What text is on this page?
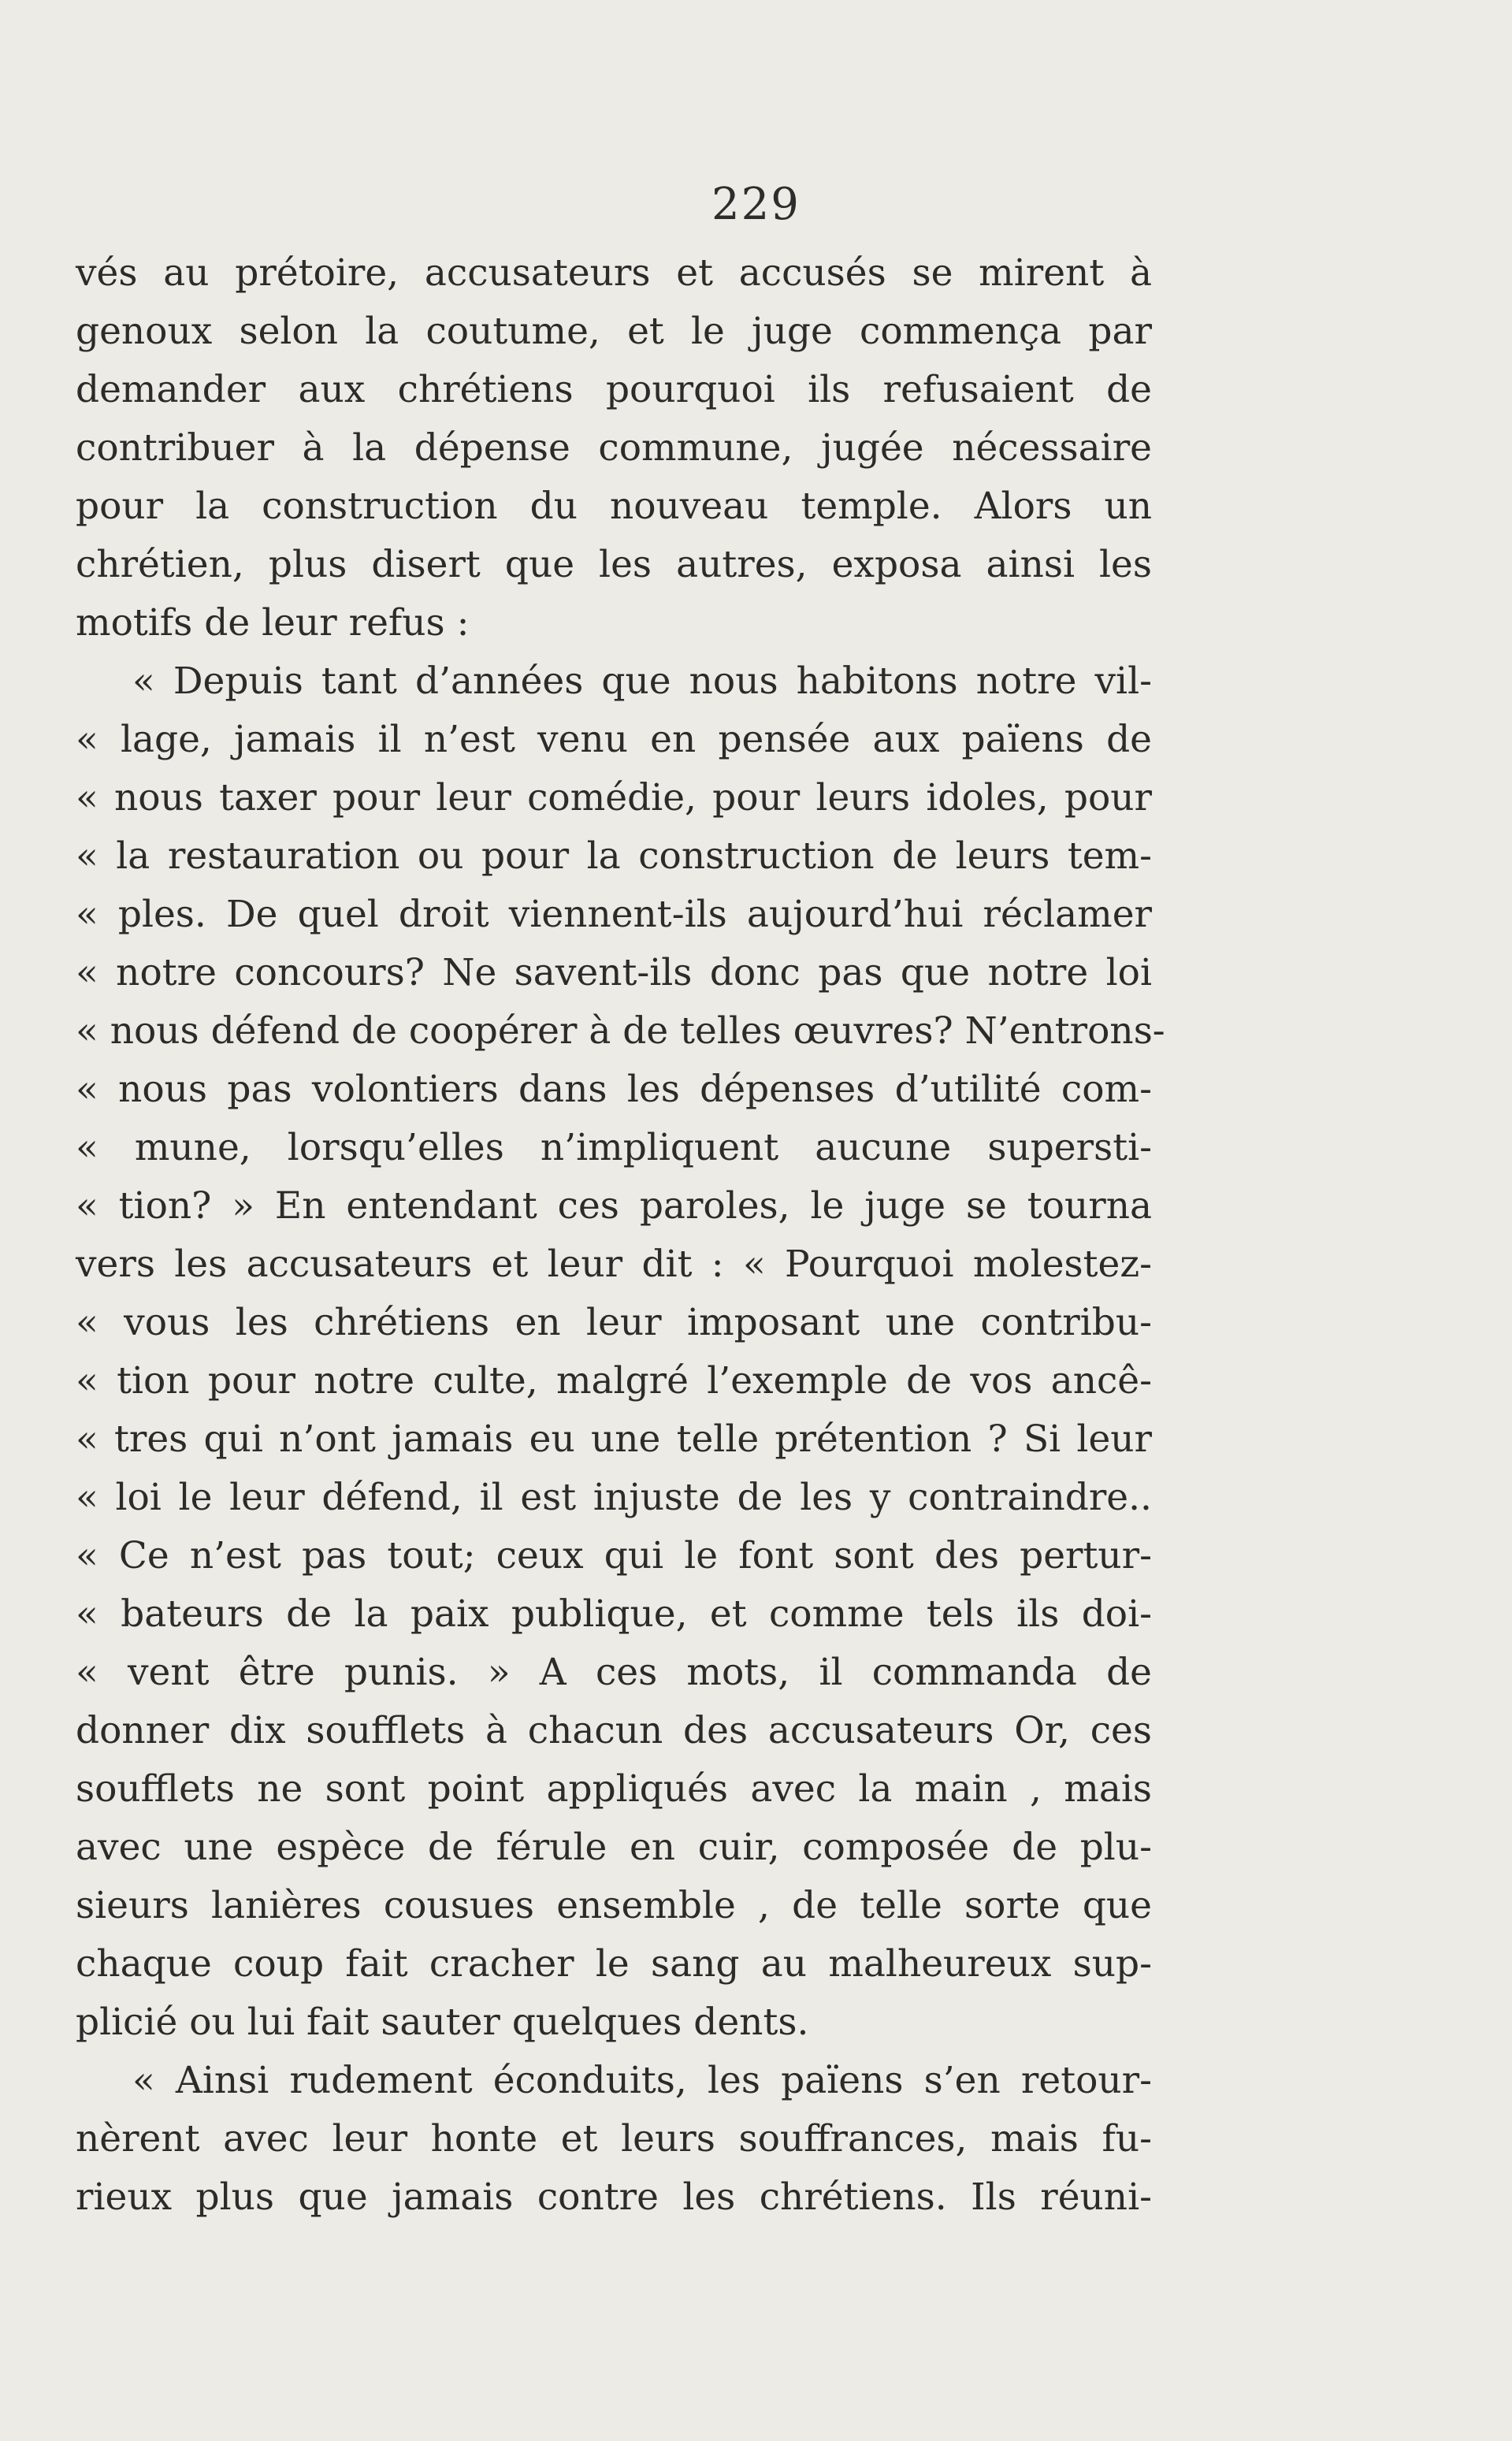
229
vés au prétoire, accusateurs et accusés se mirent à
genoux selon la coutume, et le juge commença par
demander aux chrétiens pourquoi ils refusaient de
contribuer à la dépense commune, jugée nécessaire
pour la construction du nouveau temple. Alors un
chrétien, plus disert que les autres, exposa ainsi les
motifs de leur refus :
« Depuis tant d’années que nous habitons notre vil-
« lage, jamais il n’est venu en pensée aux païens de
« nous taxer pour leur comédie, pour leurs idoles, pour
« la restauration ou pour la construction de leurs tem-
« ples. De quel droit viennent-ils aujourd’hui réclamer
« notre concours? Ne savent-ils donc pas que notre loi
« nous défend de coopérer à de telles œuvres? N’entrons-
« nous pas volontiers dans les dépenses d’utilité com-
« mune, lorsqu’elles n’impliquent aucune supersti-
« tion? » En entendant ces paroles, le juge se tourna
vers les accusateurs et leur dit : « Pourquoi molestez-
« vous les chrétiens en leur imposant une contribu-
« tion pour notre culte, malgré l’exemple de vos ancê-
« tres qui n’ont jamais eu une telle prétention ? Si leur
« loi le leur défend, il est injuste de les y contraindre..
« Ce n’est pas tout; ceux qui le font sont des pertur-
« bateurs de la paix publique, et comme tels ils doi-
« vent être punis. » A ces mots, il commanda de
donner dix soufflets à chacun des accusateurs Or, ces
soufflets ne sont point appliqués avec la main , mais
avec une espèce de férule en cuir, composée de plu-
sieurs lanières cousues ensemble , de telle sorte que
chaque coup fait cracher le sang au malheureux sup-
plicié ou lui fait sauter quelques dents.
« Ainsi rudement éconduits, les païens s’en retour-
nèrent avec leur honte et leurs souffrances, mais fu-
rieux plus que jamais contre les chrétiens. Ils réuni-
